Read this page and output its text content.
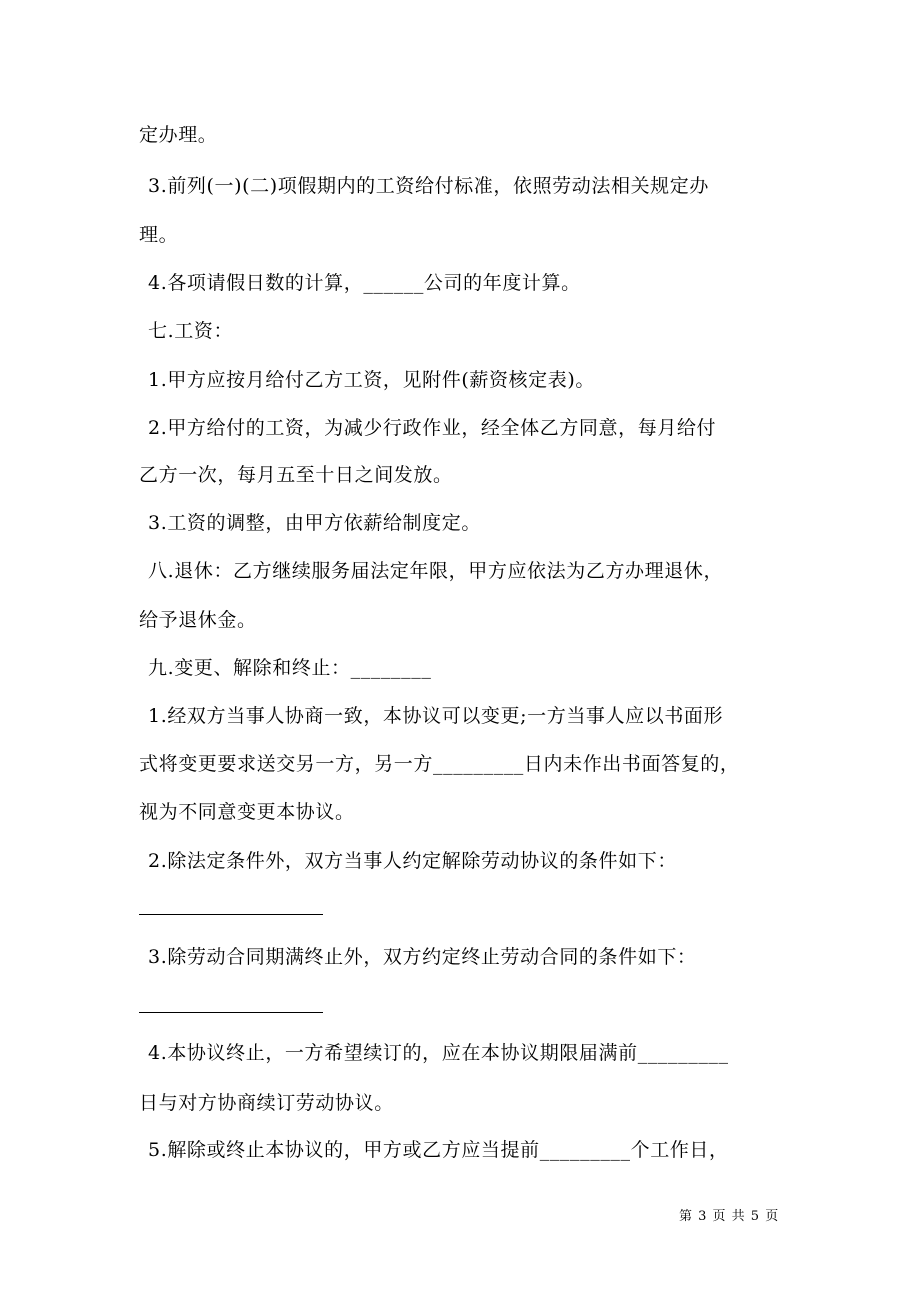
定办理。
3.前列(一)(二)项假期内的工资给付标准，依照劳动法相关规定办
理。
4.各项请假日数的计算，______公司的年度计算。
七.工资：
1.甲方应按月给付乙方工资，见附件(薪资核定表)。
2.甲方给付的工资，为减少行政作业，经全体乙方同意，每月给付
乙方一次，每月五至十日之间发放。
3.工资的调整，由甲方依薪给制度定。
八.退休：乙方继续服务届法定年限，甲方应依法为乙方办理退休，
给予退休金。
九.变更、解除和终止：________
1.经双方当事人协商一致，本协议可以变更;一方当事人应以书面形
式将变更要求送交另一方，另一方_________日内未作出书面答复的，
视为不同意变更本协议。
2.除法定条件外，双方当事人约定解除劳动协议的条件如下：
3.除劳动合同期满终止外，双方约定终止劳动合同的条件如下：
4.本协议终止，一方希望续订的，应在本协议期限届满前_________
日与对方协商续订劳动协议。
5.解除或终止本协议的，甲方或乙方应当提前_________个工作日，
第 3 页 共 5 页
